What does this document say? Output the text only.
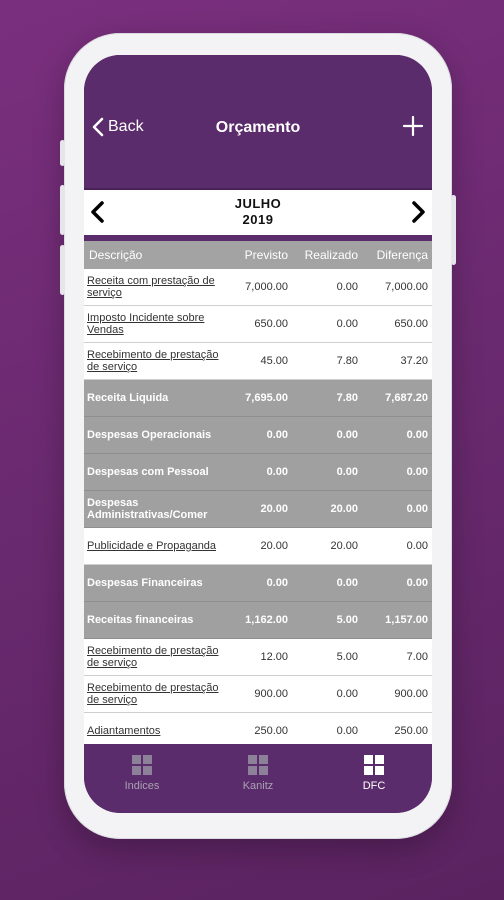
Back	Orçamento
JULHO
2019
Descrição	Previsto	Realizado	Diferença
Receita com prestação de serviço	7,000.00	0.00	7,000.00
Imposto Incidente sobre Vendas	650.00	0.00	650.00
Recebimento de prestação de serviço	45.00	7.80	37.20
Receita Liquida	7,695.00	7.80	7,687.20
Despesas Operacionais	0.00	0.00	0.00
Despesas com Pessoal	0.00	0.00	0.00
Despesas Administrativas/Comer	20.00	20.00	0.00
Publicidade e Propaganda	20.00	20.00	0.00
Despesas Financeiras	0.00	0.00	0.00
Receitas financeiras	1,162.00	5.00	1,157.00
Recebimento de prestação de serviço	12.00	5.00	7.00
Recebimento de prestação de serviço	900.00	0.00	900.00
Adiantamentos	250.00	0.00	250.00
Indices	Kanitz	DFC
